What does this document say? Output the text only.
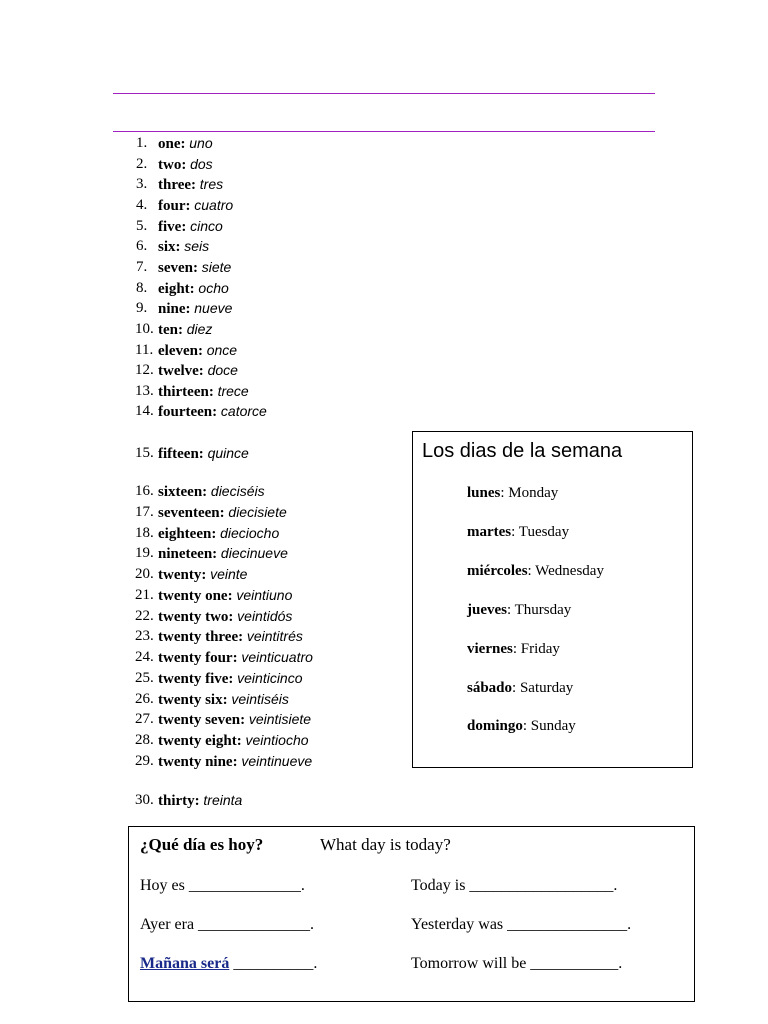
1. one: uno
2. two: dos
3. three: tres
4. four: cuatro
5. five: cinco
6. six: seis
7. seven: siete
8. eight: ocho
9. nine: nueve
10. ten: diez
11. eleven: once
12. twelve: doce
13. thirteen: trece
14. fourteen: catorce
15. fifteen: quince
16. sixteen: dieciséis
17. seventeen: diecisiete
18. eighteen: dieciocho
19. nineteen: diecinueve
20. twenty: veinte
21. twenty one: veintiuno
22. twenty two: veintidós
23. twenty three: veintitrés
24. twenty four: veinticuatro
25. twenty five: veinticinco
26. twenty six: veintiséis
27. twenty seven: veintisiete
28. twenty eight: veintiocho
29. twenty nine: veintinueve
30. thirty: treinta
Los dias de la semana
lunes: Monday
martes: Tuesday
miércoles: Wednesday
jueves: Thursday
viernes: Friday
sábado: Saturday
domingo: Sunday
¿Qué día es hoy?	What day is today?
Hoy es ______________.	Today is __________________.
Ayer era ______________.	Yesterday was _______________.
Mañana será __________.	Tomorrow will be ___________.
